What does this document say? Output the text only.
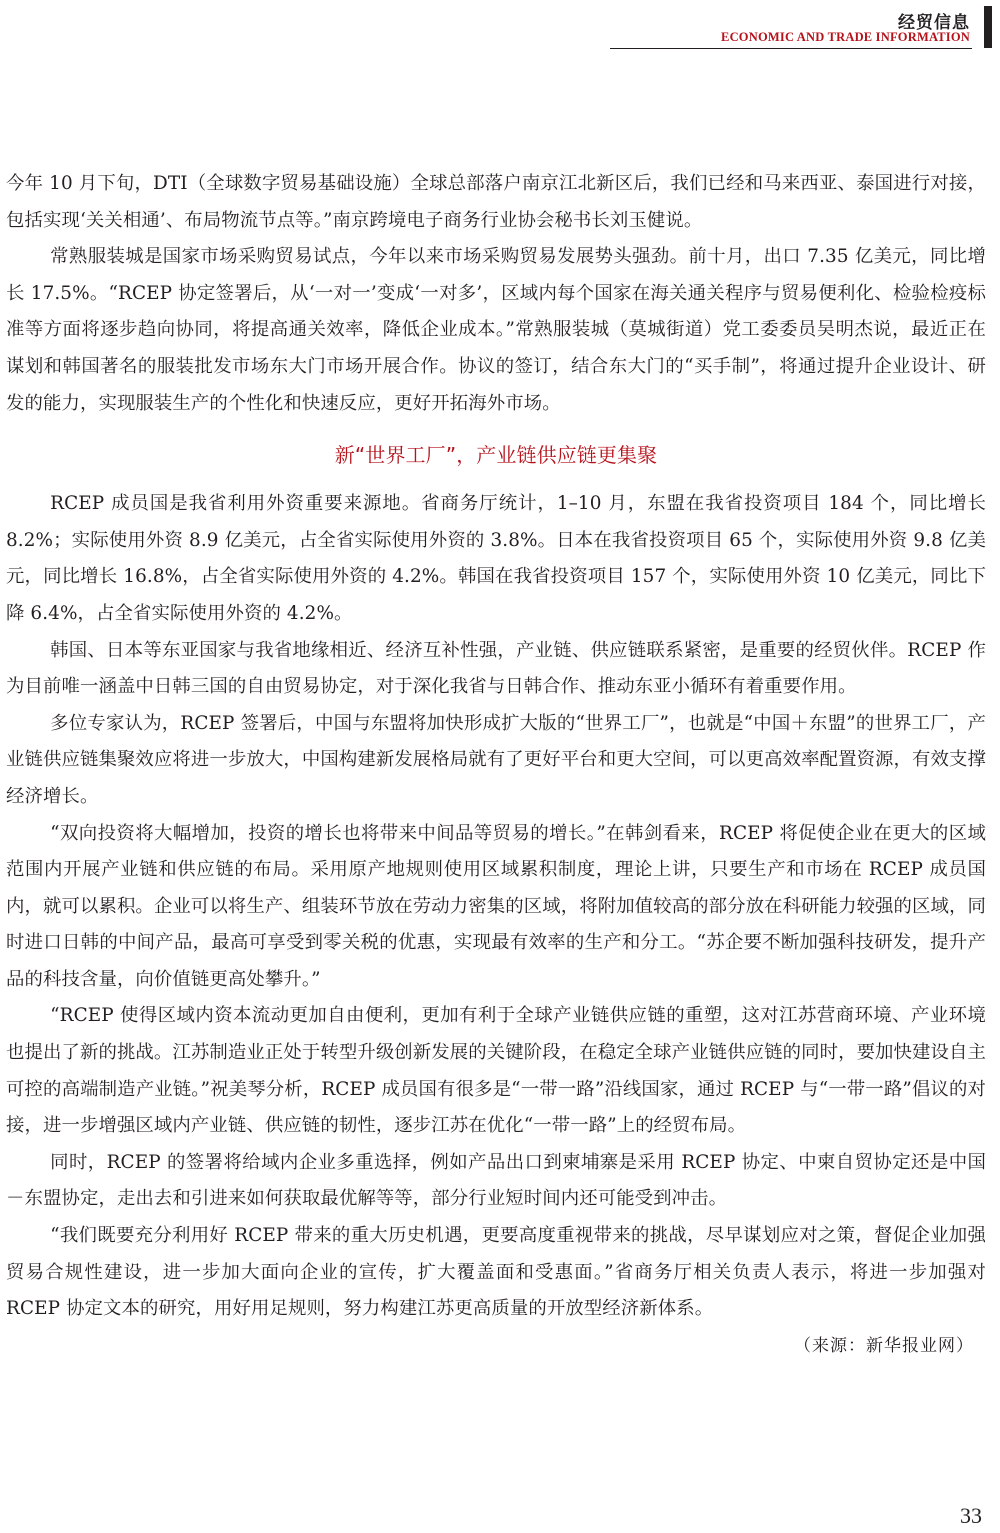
经贸信息
ECONOMIC AND TRADE INFORMATION

今年 10 月下旬，DTI（全球数字贸易基础设施）全球总部落户南京江北新区后，我们已经和马来西亚、泰国进行对接，包括实现‘关关相通’、布局物流节点等。”南京跨境电子商务行业协会秘书长刘玉健说。

常熟服装城是国家市场采购贸易试点，今年以来市场采购贸易发展势头强劲。前十月，出口 7.35 亿美元，同比增长 17.5%。“RCEP 协定签署后，从‘一对一’变成‘一对多’，区域内每个国家在海关通关程序与贸易便利化、检验检疫标准等方面将逐步趋向协同，将提高通关效率，降低企业成本。”常熟服装城（莫城街道）党工委委员吴明杰说，最近正在谋划和韩国著名的服装批发市场东大门市场开展合作。协议的签订，结合东大门的“买手制”，将通过提升企业设计、研发的能力，实现服装生产的个性化和快速反应，更好开拓海外市场。

新“世界工厂”，产业链供应链更集聚

RCEP 成员国是我省利用外资重要来源地。省商务厅统计，1–10 月，东盟在我省投资项目 184 个，同比增长 8.2%；实际使用外资 8.9 亿美元，占全省实际使用外资的 3.8%。日本在我省投资项目 65 个，实际使用外资 9.8 亿美元，同比增长 16.8%，占全省实际使用外资的 4.2%。韩国在我省投资项目 157 个，实际使用外资 10 亿美元，同比下降 6.4%，占全省实际使用外资的 4.2%。

韩国、日本等东亚国家与我省地缘相近、经济互补性强，产业链、供应链联系紧密，是重要的经贸伙伴。RCEP 作为目前唯一涵盖中日韩三国的自由贸易协定，对于深化我省与日韩合作、推动东亚小循环有着重要作用。

多位专家认为，RCEP 签署后，中国与东盟将加快形成扩大版的“世界工厂”，也就是“中国＋东盟”的世界工厂，产业链供应链集聚效应将进一步放大，中国构建新发展格局就有了更好平台和更大空间，可以更高效率配置资源，有效支撑经济增长。

“双向投资将大幅增加，投资的增长也将带来中间品等贸易的增长。”在韩剑看来，RCEP 将促使企业在更大的区域范围内开展产业链和供应链的布局。采用原产地规则使用区域累积制度，理论上讲，只要生产和市场在 RCEP 成员国内，就可以累积。企业可以将生产、组装环节放在劳动力密集的区域，将附加值较高的部分放在科研能力较强的区域，同时进口日韩的中间产品，最高可享受到零关税的优惠，实现最有效率的生产和分工。“苏企要不断加强科技研发，提升产品的科技含量，向价值链更高处攀升。”

“RCEP 使得区域内资本流动更加自由便利，更加有利于全球产业链供应链的重塑，这对江苏营商环境、产业环境也提出了新的挑战。江苏制造业正处于转型升级创新发展的关键阶段，在稳定全球产业链供应链的同时，要加快建设自主可控的高端制造产业链。”祝美琴分析，RCEP 成员国有很多是“一带一路”沿线国家，通过 RCEP 与“一带一路”倡议的对接，进一步增强区域内产业链、供应链的韧性，逐步江苏在优化“一带一路”上的经贸布局。

同时，RCEP 的签署将给域内企业多重选择，例如产品出口到柬埔寨是采用 RCEP 协定、中柬自贸协定还是中国－东盟协定，走出去和引进来如何获取最优解等等，部分行业短时间内还可能受到冲击。

“我们既要充分利用好 RCEP 带来的重大历史机遇，更要高度重视带来的挑战，尽早谋划应对之策，督促企业加强贸易合规性建设，进一步加大面向企业的宣传，扩大覆盖面和受惠面。”省商务厅相关负责人表示，将进一步加强对 RCEP 协定文本的研究，用好用足规则，努力构建江苏更高质量的开放型经济新体系。

（来源：新华报业网）

33
